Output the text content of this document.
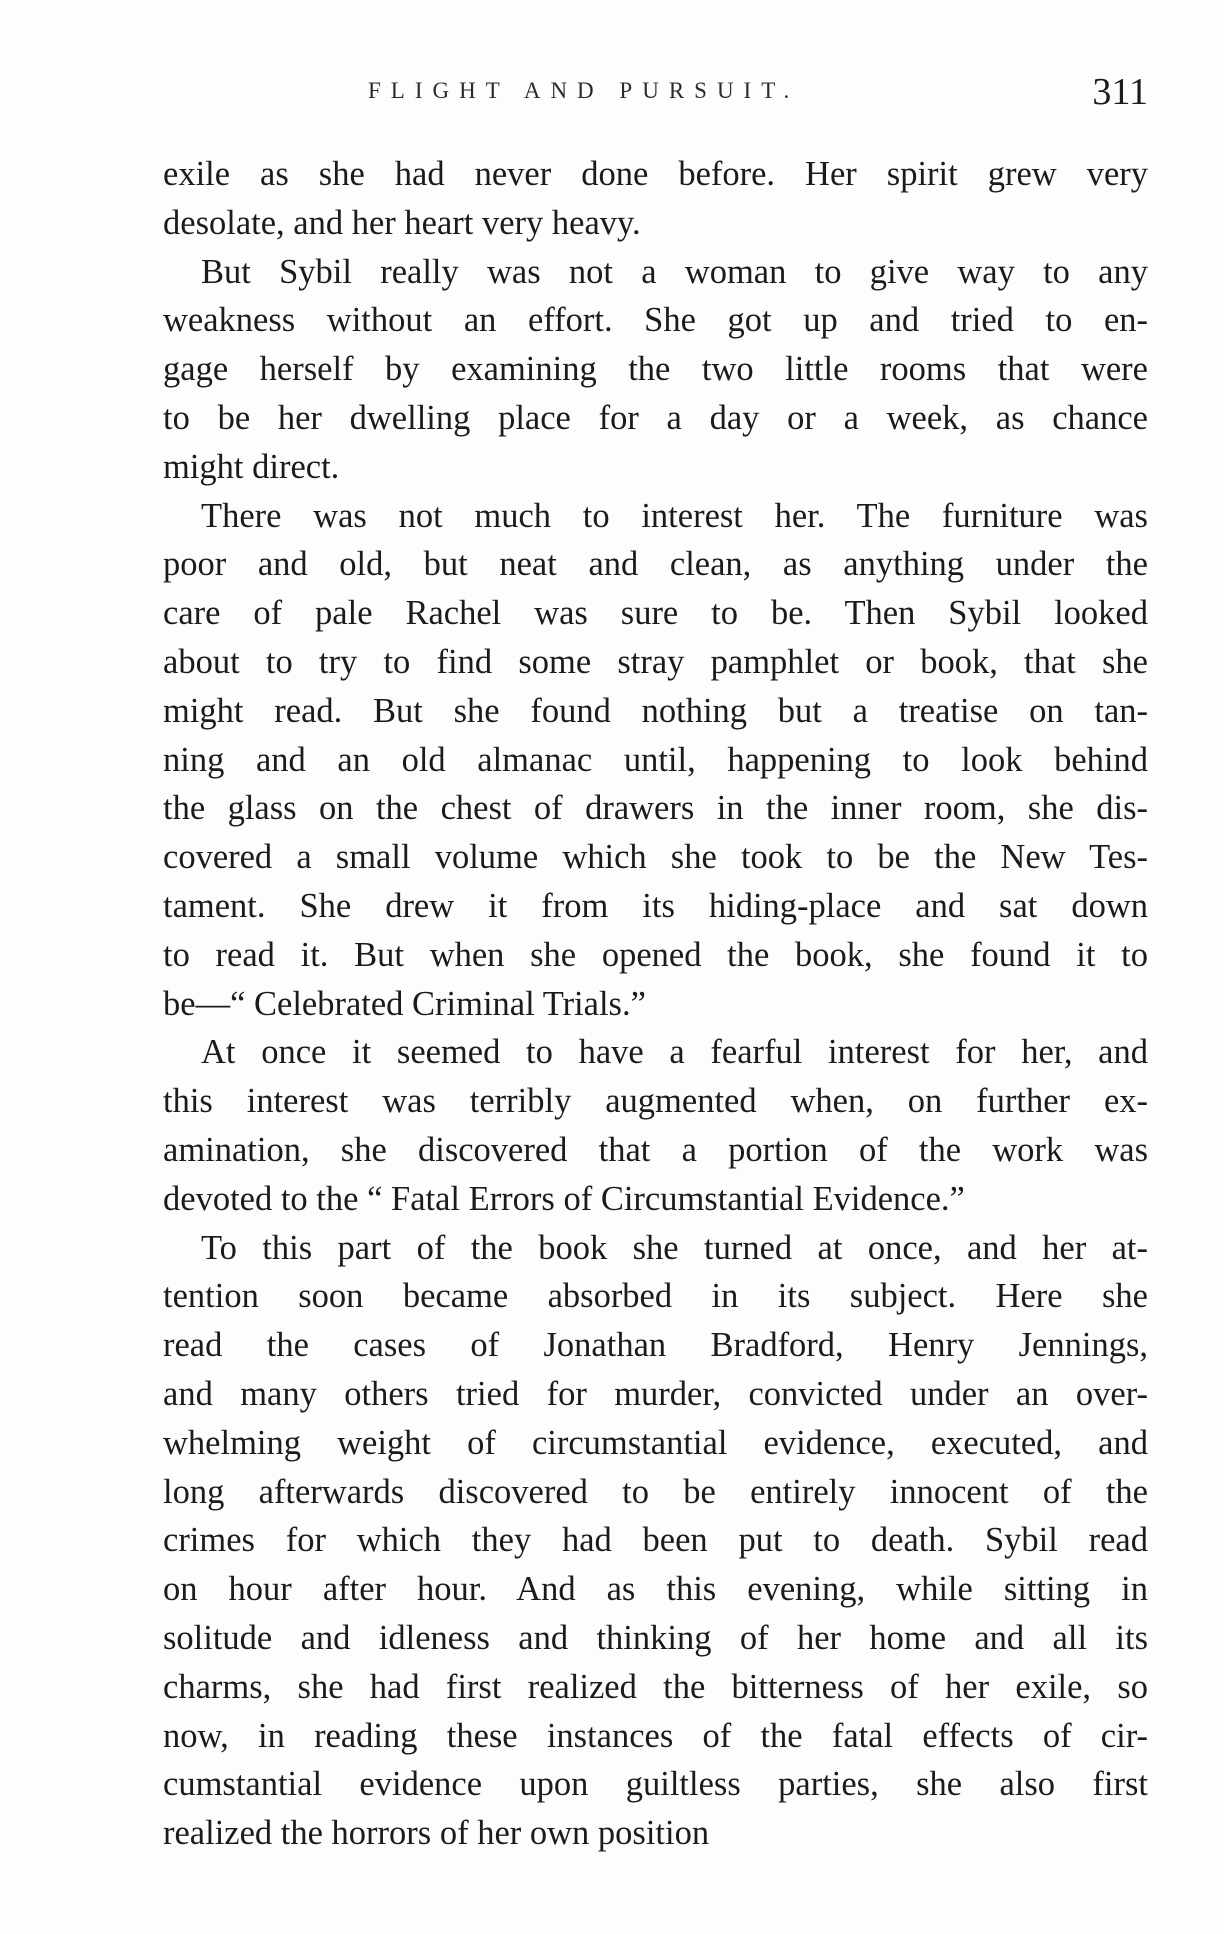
FLIGHT AND PURSUIT.	311
exile as she had never done before. Her spirit grew very
desolate, and her heart very heavy.
But Sybil really was not a woman to give way to any
weakness without an effort. She got up and tried to en-
gage herself by examining the two little rooms that were
to be her dwelling place for a day or a week, as chance
might direct.
There was not much to interest her. The furniture was
poor and old, but neat and clean, as anything under the
care of pale Rachel was sure to be. Then Sybil looked
about to try to find some stray pamphlet or book, that she
might read. But she found nothing but a treatise on tan-
ning and an old almanac until, happening to look behind
the glass on the chest of drawers in the inner room, she dis-
covered a small volume which she took to be the New Tes-
tament. She drew it from its hiding-place and sat down
to read it. But when she opened the book, she found it to
be—“ Celebrated Criminal Trials.”
At once it seemed to have a fearful interest for her, and
this interest was terribly augmented when, on further ex-
amination, she discovered that a portion of the work was
devoted to the “ Fatal Errors of Circumstantial Evidence.”
To this part of the book she turned at once, and her at-
tention soon became absorbed in its subject. Here she
read the cases of Jonathan Bradford, Henry Jennings,
and many others tried for murder, convicted under an over-
whelming weight of circumstantial evidence, executed, and
long afterwards discovered to be entirely innocent of the
crimes for which they had been put to death. Sybil read
on hour after hour. And as this evening, while sitting in
solitude and idleness and thinking of her home and all its
charms, she had first realized the bitterness of her exile, so
now, in reading these instances of the fatal effects of cir-
cumstantial evidence upon guiltless parties, she also first
realized the horrors of her own position
